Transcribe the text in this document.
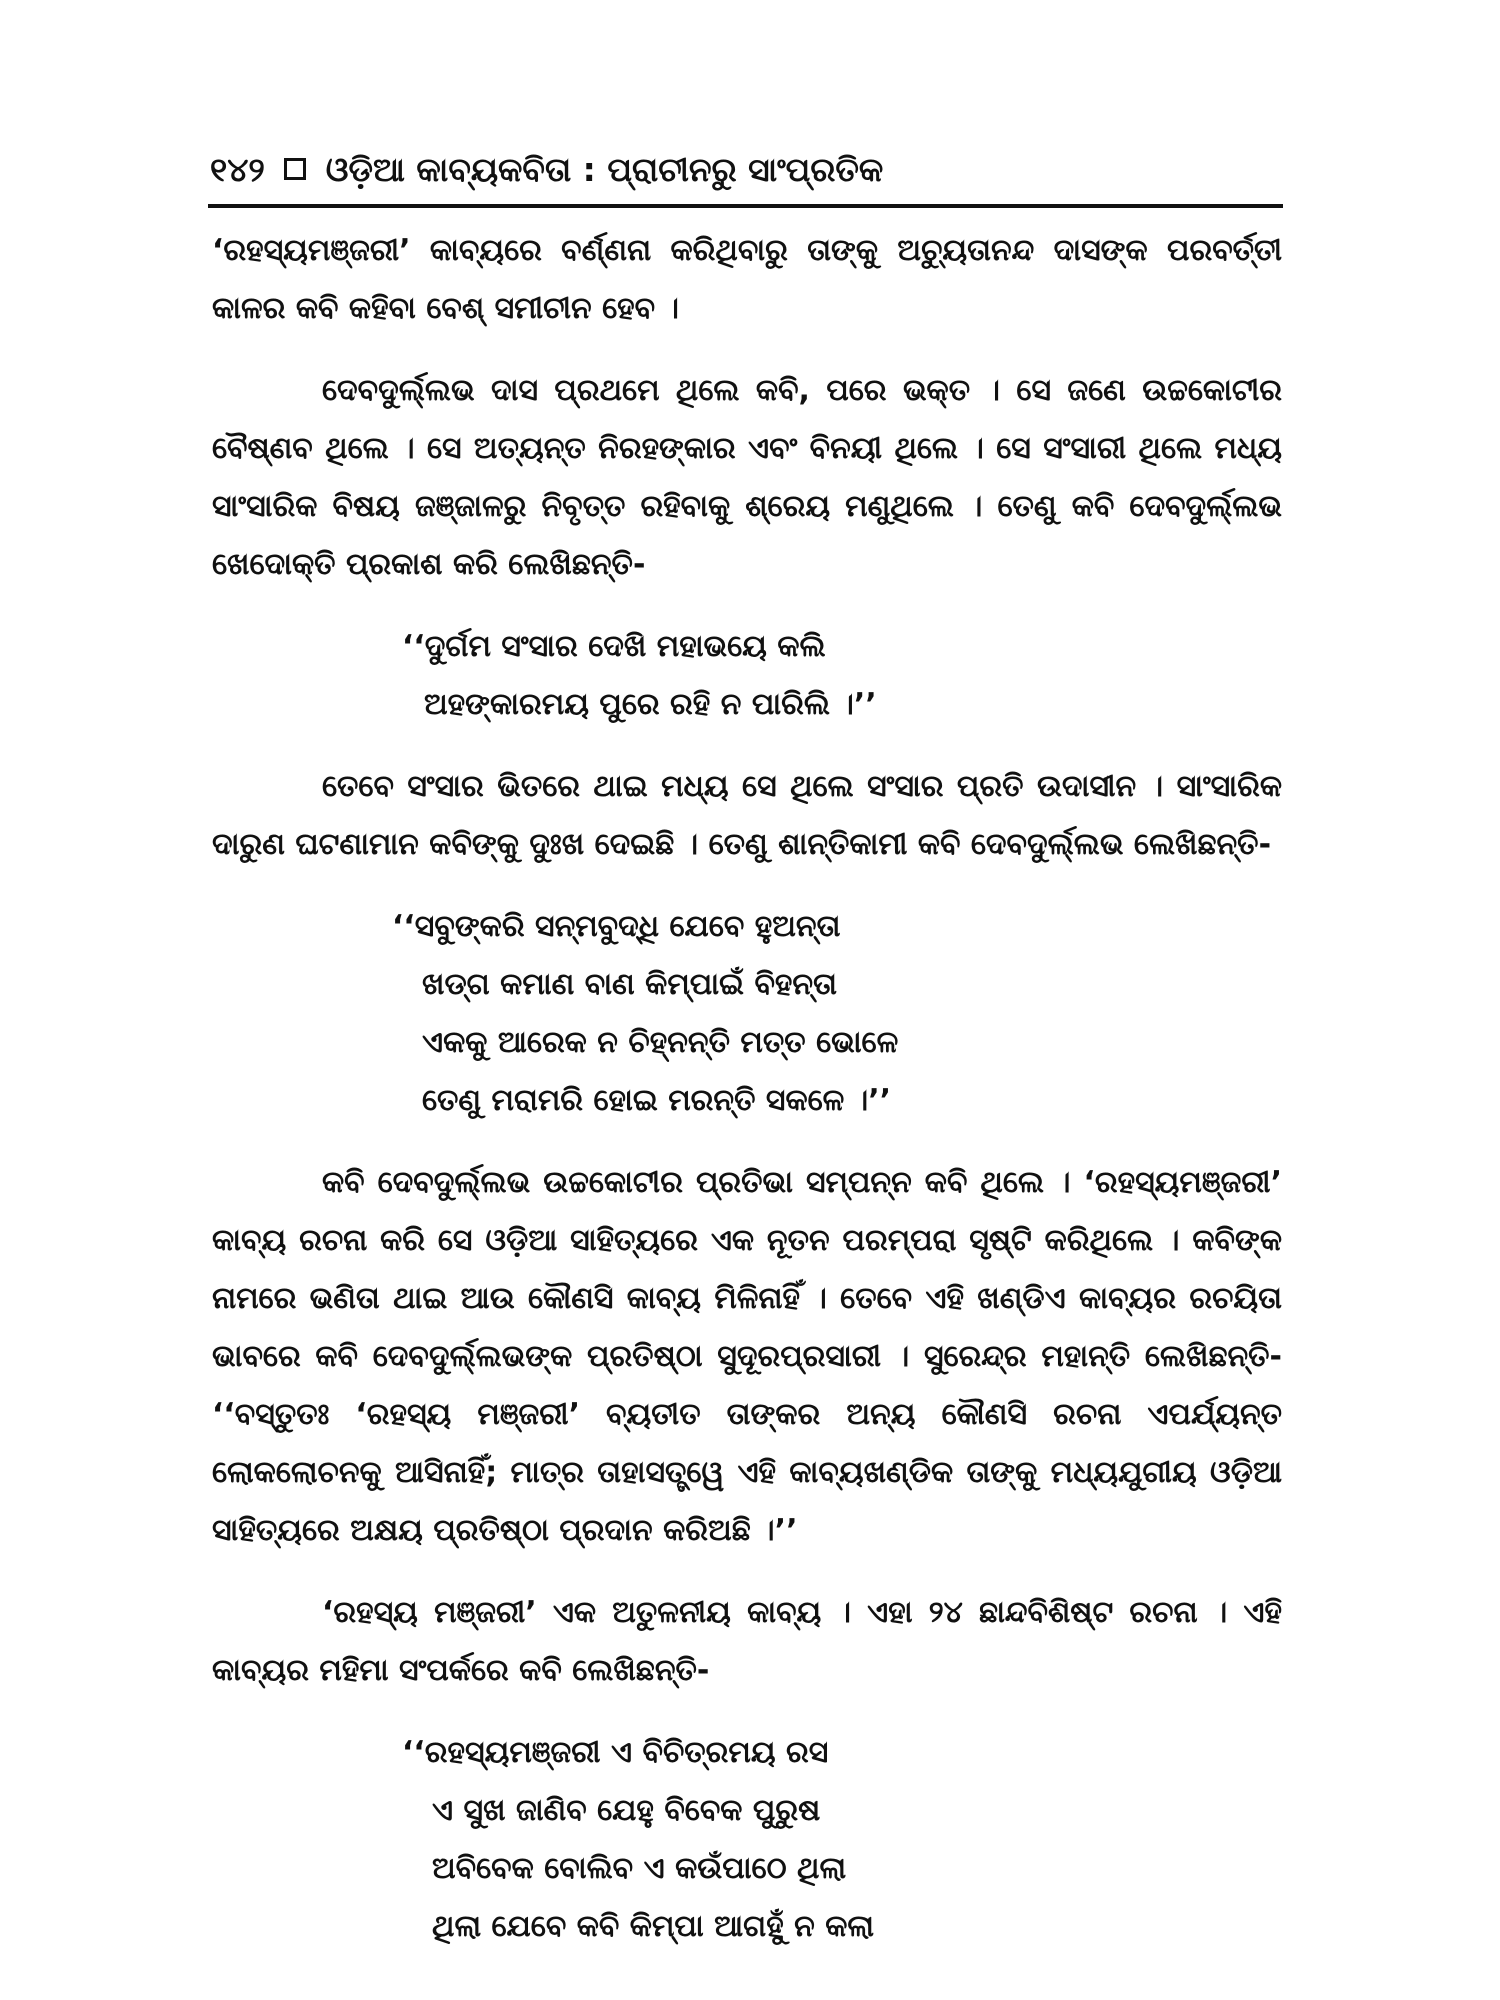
୧୪୨ ଓଡ଼ିଆ କାବ୍ୟକବିତା : ପ୍ରାଚୀନରୁ ସାଂପ୍ରତିକ

‘ରହସ୍ୟମଞ୍ଜରୀ’ କାବ୍ୟରେ ବର୍ଣ୍ଣନା କରିଥିବାରୁ ତାଙ୍କୁ ଅଚ୍ୟୁତାନନ୍ଦ ଦାସଙ୍କ ପରବର୍ତ୍ତୀ କାଳର କବି କହିବା ବେଶ୍ ସମୀଚୀନ ହେବ ।

ଦେବଦୁର୍ଲ୍ଲଭ ଦାସ ପ୍ରଥମେ ଥିଲେ କବି, ପରେ ଭକ୍ତ । ସେ ଜଣେ ଉଚ୍ଚକୋଟୀର ବୈଷ୍ଣବ ଥିଲେ । ସେ ଅତ୍ୟନ୍ତ ନିରହଙ୍କାର ଏବଂ ବିନୟୀ ଥିଲେ । ସେ ସଂସାରୀ ଥିଲେ ମଧ୍ୟ ସାଂସାରିକ ବିଷୟ ଜଞ୍ଜାଳରୁ ନିବୃତ୍ତ ରହିବାକୁ ଶ୍ରେୟ ମଣୁଥିଲେ । ତେଣୁ କବି ଦେବଦୁର୍ଲ୍ଲଭ ଖେଦୋକ୍ତି ପ୍ରକାଶ କରି ଲେଖିଛନ୍ତି-

‘‘ଦୁର୍ଗମ ସଂସାର ଦେଖି ମହାଭୟେ କଲି
ଅହଙ୍କାରମୟ ପୁରେ ରହି ନ ପାରିଲି ।’’

ତେବେ ସଂସାର ଭିତରେ ଥାଇ ମଧ୍ୟ ସେ ଥିଲେ ସଂସାର ପ୍ରତି ଉଦାସୀନ । ସାଂସାରିକ ଦାରୁଣ ଘଟଣାମାନ କବିଙ୍କୁ ଦୁଃଖ ଦେଇଛି । ତେଣୁ ଶାନ୍ତିକାମୀ କବି ଦେବଦୁର୍ଲ୍ଲଭ ଲେଖିଛନ୍ତି-

‘‘ସବୁଙ୍କରି ସନ୍ମବୁଦ୍ଧି ଯେବେ ହୁଅନ୍ତା
ଖଡ୍‌ଗ କମାଣ ବାଣ କିମ୍ପାଇଁ ବିହନ୍ତା
ଏକକୁ ଆରେକ ନ ଚିହ୍ନନ୍ତି ମତ୍ତ ଭୋଳେ
ତେଣୁ ମରାମରି ହୋଇ ମରନ୍ତି ସକଳେ ।’’

କବି ଦେବଦୁର୍ଲ୍ଲଭ ଉଚ୍ଚକୋଟୀର ପ୍ରତିଭା ସମ୍ପନ୍ନ କବି ଥିଲେ । ‘ରହସ୍ୟମଞ୍ଜରୀ’ କାବ୍ୟ ରଚନା କରି ସେ ଓଡ଼ିଆ ସାହିତ୍ୟରେ ଏକ ନୂତନ ପରମ୍ପରା ସୃଷ୍ଟି କରିଥିଲେ । କବିଙ୍କ ନାମରେ ଭଣିତା ଥାଇ ଆଉ କୌଣସି କାବ୍ୟ ମିଳିନାହିଁ । ତେବେ ଏହି ଖଣ୍ଡିଏ କାବ୍ୟର ରଚୟିତା ଭାବରେ କବି ଦେବଦୁର୍ଲ୍ଲଭଙ୍କ ପ୍ରତିଷ୍ଠା ସୁଦୂରପ୍ରସାରୀ । ସୁରେନ୍ଦ୍ର ମହାନ୍ତି ଲେଖିଛନ୍ତି- ‘‘ବସ୍ତୁତଃ ‘ରହସ୍ୟ ମଞ୍ଜରୀ’ ବ୍ୟତୀତ ତାଙ୍କର ଅନ୍ୟ କୌଣସି ରଚନା ଏପର୍ଯ୍ୟନ୍ତ ଲୋକଲୋଚନକୁ ଆସିନାହିଁ; ମାତ୍ର ତାହାସତ୍ତ୍ୱେ ଏହି କାବ୍ୟଖଣ୍ଡିକ ତାଙ୍କୁ ମଧ୍ୟଯୁଗୀୟ ଓଡ଼ିଆ ସାହିତ୍ୟରେ ଅକ୍ଷୟ ପ୍ରତିଷ୍ଠା ପ୍ରଦାନ କରିଅଛି ।’’

‘ରହସ୍ୟ ମଞ୍ଜରୀ’ ଏକ ଅତୁଳନୀୟ କାବ୍ୟ । ଏହା ୨୪ ଛାନ୍ଦବିଶିଷ୍ଟ ରଚନା । ଏହି କାବ୍ୟର ମହିମା ସଂପର୍କରେ କବି ଲେଖିଛନ୍ତି-

‘‘ରହସ୍ୟମଞ୍ଜରୀ ଏ ବିଚିତ୍ରମୟ ରସ
ଏ ସୁଖ ଜାଣିବ ଯେହୁ ବିବେକ ପୁରୁଷ
ଅବିବେକ ବୋଲିବ ଏ କଉଁପାଠେ ଥିଲା
ଥିଲା ଯେବେ କବି କିମ୍ପା ଆଗହୁଁ ନ କଲା
